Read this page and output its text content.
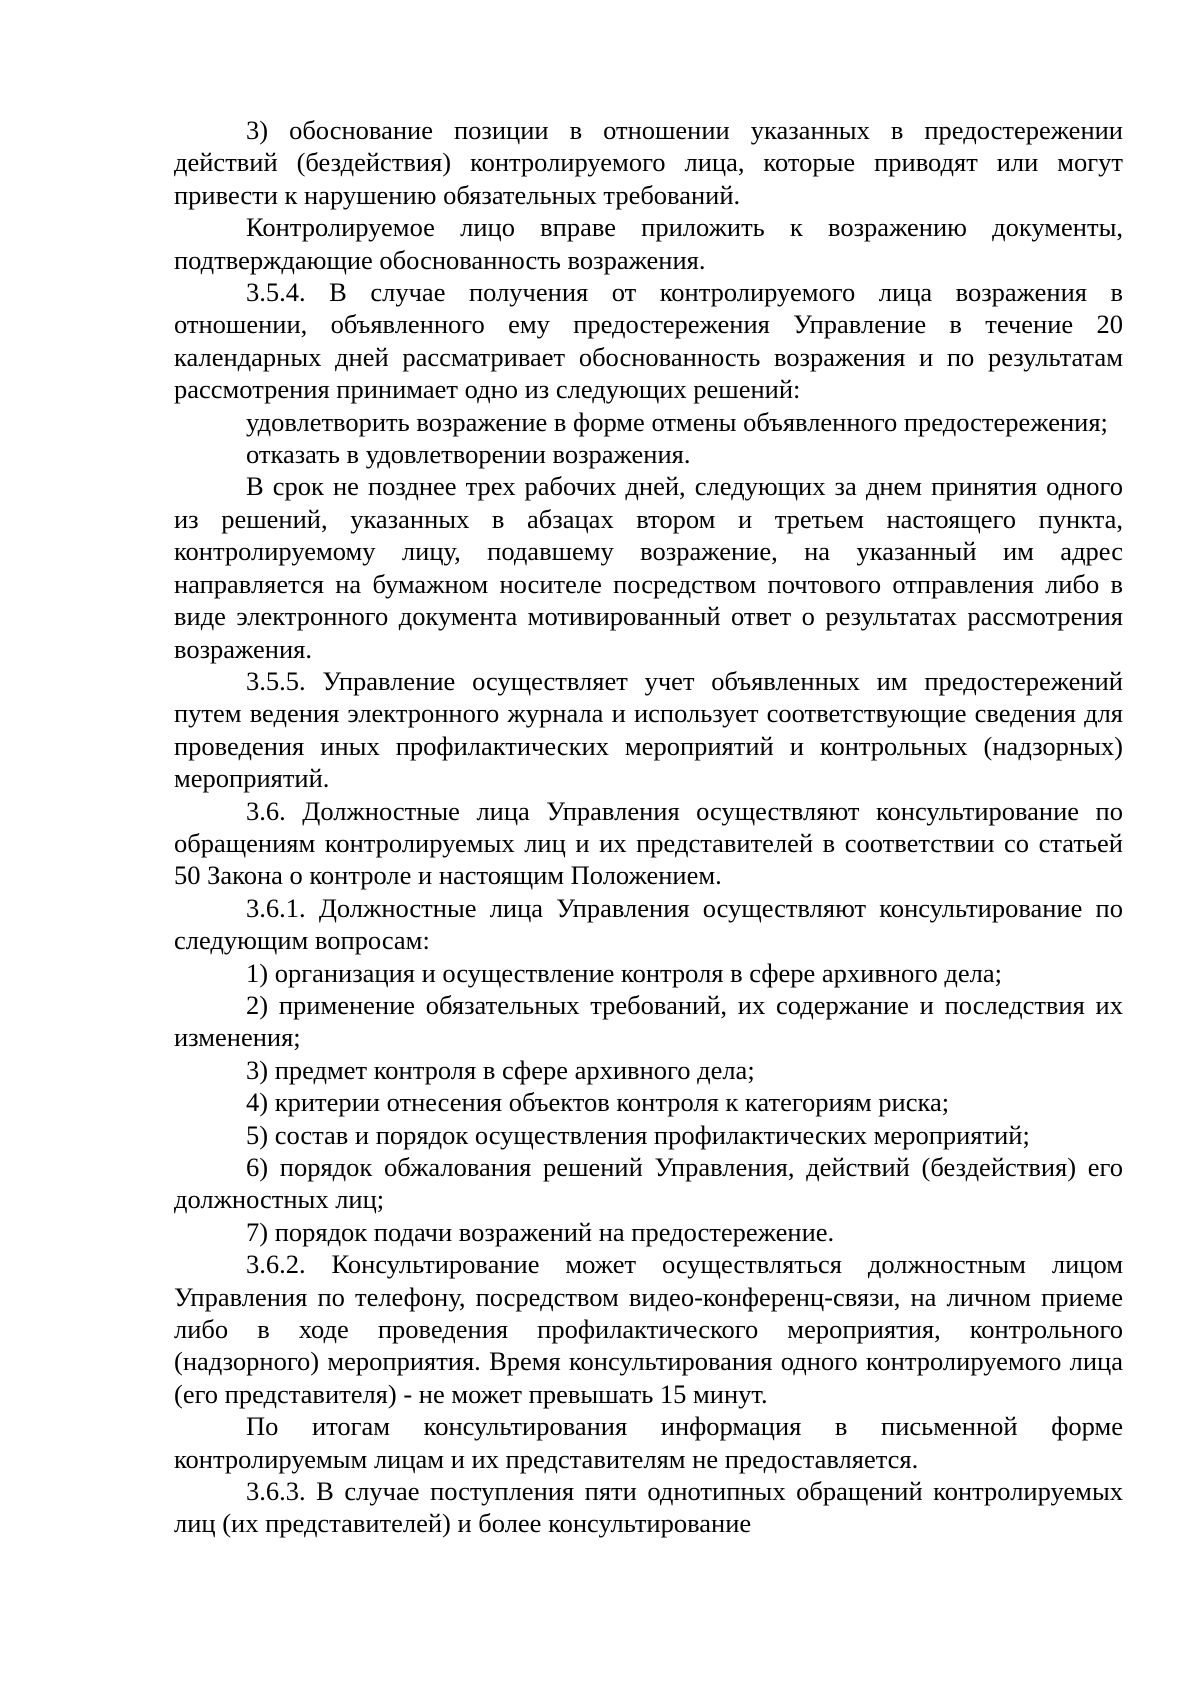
3) обоснование позиции в отношении указанных в предостережении действий (бездействия) контролируемого лица, которые приводят или могут привести к нарушению обязательных требований.

Контролируемое лицо вправе приложить к возражению документы, подтверждающие обоснованность возражения.

3.5.4. В случае получения от контролируемого лица возражения в отношении, объявленного ему предостережения Управление в течение 20 календарных дней рассматривает обоснованность возражения и по результатам рассмотрения принимает одно из следующих решений:

удовлетворить возражение в форме отмены объявленного предостережения;

отказать в удовлетворении возражения.

В срок не позднее трех рабочих дней, следующих за днем принятия одного из решений, указанных в абзацах втором и третьем настоящего пункта, контролируемому лицу, подавшему возражение, на указанный им адрес направляется на бумажном носителе посредством почтового отправления либо в виде электронного документа мотивированный ответ о результатах рассмотрения возражения.

3.5.5. Управление осуществляет учет объявленных им предостережений путем ведения электронного журнала и использует соответствующие сведения для проведения иных профилактических мероприятий и контрольных (надзорных) мероприятий.

3.6. Должностные лица Управления осуществляют консультирование по обращениям контролируемых лиц и их представителей в соответствии со статьей 50 Закона о контроле и настоящим Положением.

3.6.1. Должностные лица Управления осуществляют консультирование по следующим вопросам:

1) организация и осуществление контроля в сфере архивного дела;

2) применение обязательных требований, их содержание и последствия их изменения;

3) предмет контроля в сфере архивного дела;

4) критерии отнесения объектов контроля к категориям риска;

5) состав и порядок осуществления профилактических мероприятий;

6) порядок обжалования решений Управления, действий (бездействия) его должностных лиц;

7) порядок подачи возражений на предостережение.

3.6.2. Консультирование может осуществляться должностным лицом Управления по телефону, посредством видео-конференц-связи, на личном приеме либо в ходе проведения профилактического мероприятия, контрольного (надзорного) мероприятия. Время консультирования одного контролируемого лица (его представителя) - не может превышать 15 минут.

По итогам консультирования информация в письменной форме контролируемым лицам и их представителям не предоставляется.

3.6.3. В случае поступления пяти однотипных обращений контролируемых лиц (их представителей) и более консультирование
